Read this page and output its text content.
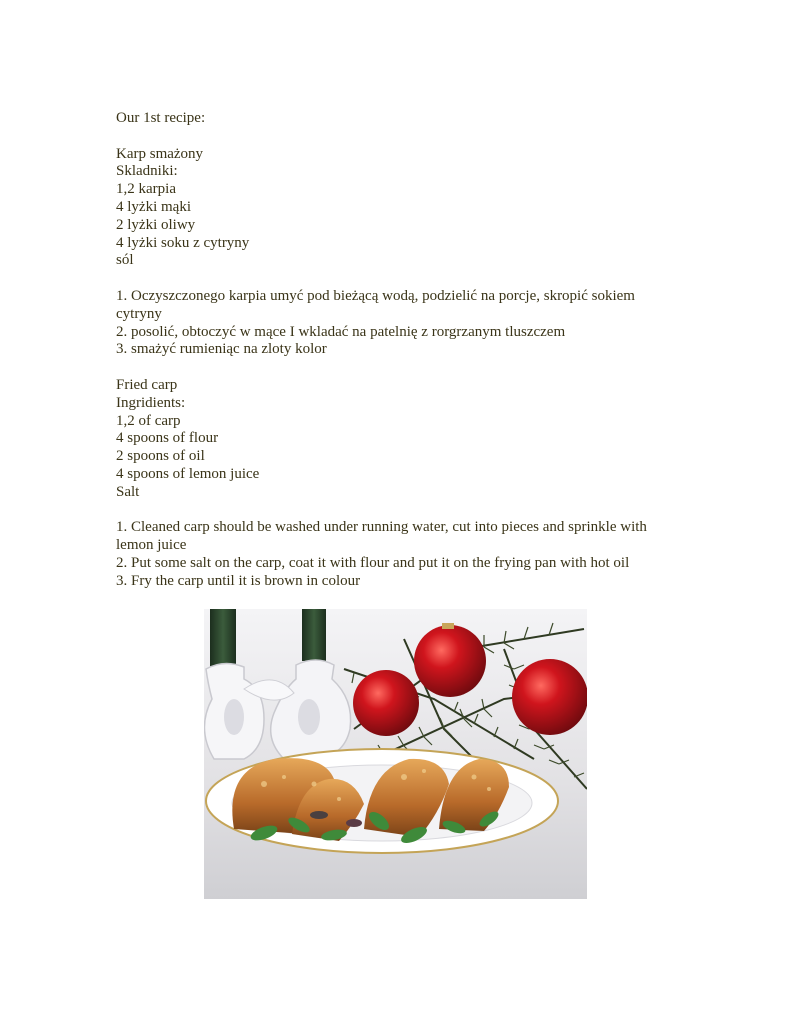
Our 1st recipe:

Karp smażony

Skladniki:

1,2 karpia

4 lyżki mąki

2 lyżki oliwy

4 lyżki soku z cytryny

sól

1. Oczyszczonego karpia umyć pod bieżącą wodą, podzielić na porcje, skropić sokiem cytryny

2. posolić, obtoczyć w mące I wkladać na patelnię z rorgrzanym tluszczem

3. smażyć rumieniąc na zloty kolor

Fried carp

Ingridients:

1,2 of carp

4 spoons of flour

2 spoons of oil

4 spoons of lemon juice

Salt

1. Cleaned carp should be washed under running water, cut into pieces and sprinkle with lemon juice

2. Put some salt on the carp, coat it with flour and put it on the frying pan with hot oil

3. Fry the carp until it is brown in colour
